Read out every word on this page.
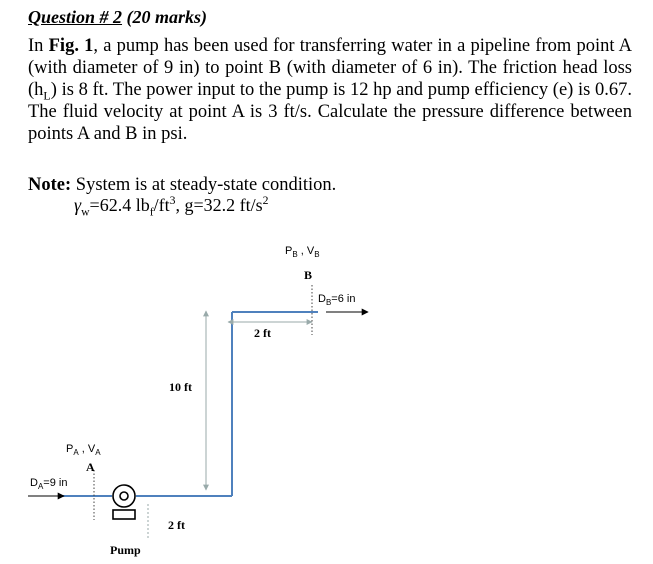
Question # 2 (20 marks)
In Fig. 1, a pump has been used for transferring water in a pipeline from point A (with diameter of 9 in) to point B (with diameter of 6 in). The friction head loss $(h_L)$ is 8 ft. The power input to the pump is 12 hp and pump efficiency (e) is 0.67. The fluid velocity at point A is 3 ft/s. Calculate the pressure difference between points A and B in psi.
Note: System is at steady-state condition.
$\gamma_w=62.4$ $lb_f/ft^3$, g=32.2 $ft/s^2$
$P_A$ , $V_A$
A
$D_A=9$ in
$P_B$ , $V_B$
B
$D_B=6$ in
10 ft
2 ft
2 ft
Pump
